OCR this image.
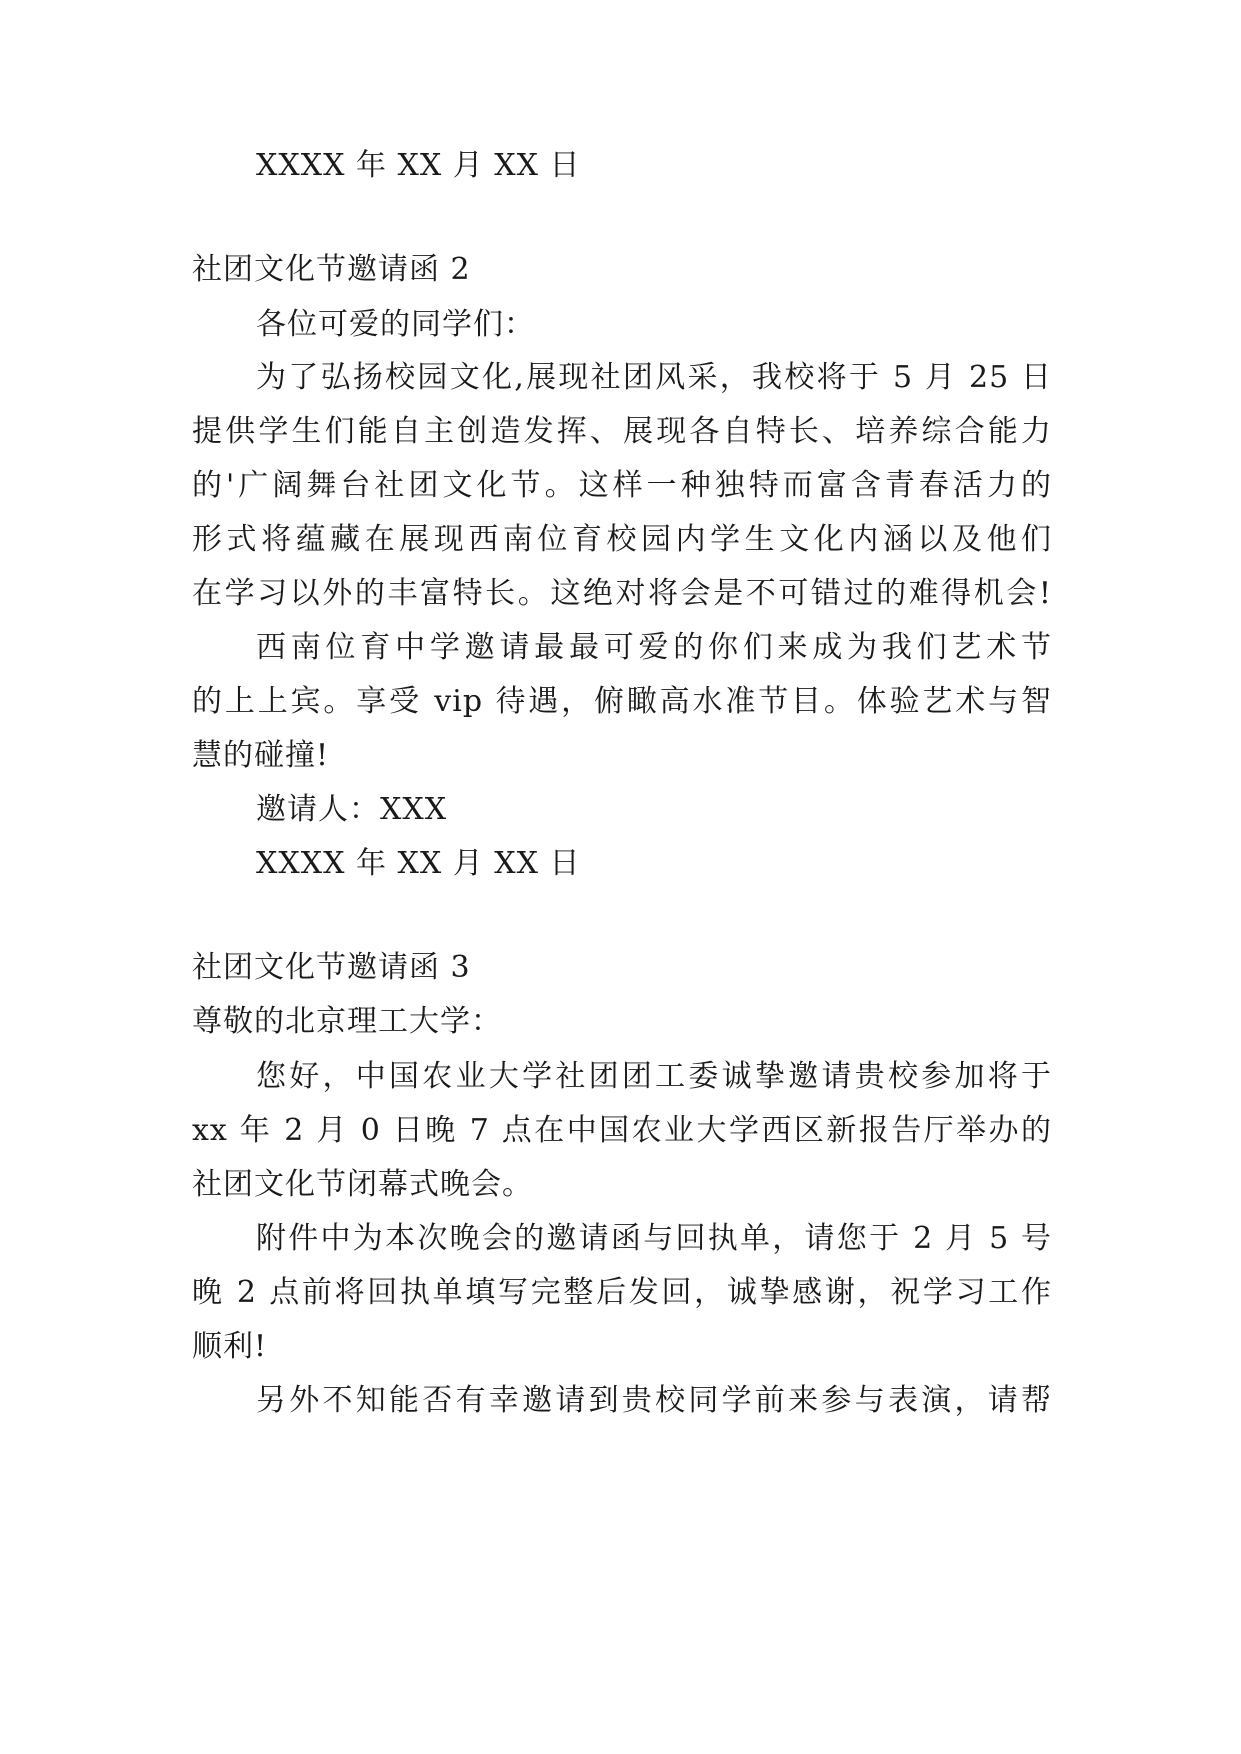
XXXX 年 XX 月 XX 日
社团文化节邀请函 2
各位可爱的同学们：
为了弘扬校园文化,展现社团风采，我校将于 5 月 25 日
提供学生们能自主创造发挥、展现各自特长、培养综合能力
的'广阔舞台社团文化节。这样一种独特而富含青春活力的
形式将蕴藏在展现西南位育校园内学生文化内涵以及他们
在学习以外的丰富特长。这绝对将会是不可错过的难得机会!
西南位育中学邀请最最可爱的你们来成为我们艺术节
的上上宾。享受 vip 待遇，俯瞰高水准节目。体验艺术与智
慧的碰撞!
邀请人：XXX
XXXX 年 XX 月 XX 日
社团文化节邀请函 3
尊敬的北京理工大学：
您好，中国农业大学社团团工委诚挚邀请贵校参加将于
xx 年 2 月 0 日晚 7 点在中国农业大学西区新报告厅举办的
社团文化节闭幕式晚会。
附件中为本次晚会的邀请函与回执单，请您于 2 月 5 号
晚 2 点前将回执单填写完整后发回，诚挚感谢，祝学习工作
顺利!
另外不知能否有幸邀请到贵校同学前来参与表演，请帮
